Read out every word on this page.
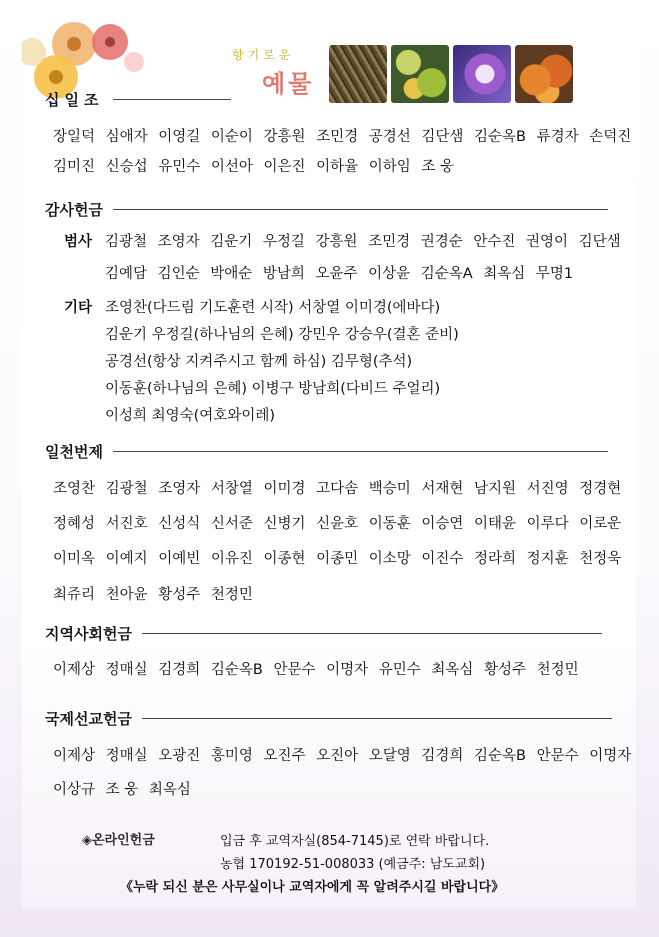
향기로운
예물
십일조
장일덕 심애자 이영길 이순이 강흥원 조민경 공경선 김단샘 김순옥B 류경자 손덕진
김미진 신승섭 유민수 이선아 이은진 이하율 이하임 조 웅
감사헌금
범사 김광철 조영자 김운기 우정길 강흥원 조민경 권경순 안수진 권영이 김단샘
김예담 김인순 박애순 방남희 오윤주 이상윤 김순옥A 최옥심 무명1
기타 조영찬(다드림 기도훈련 시작) 서창열 이미경(에바다)
김운기 우정길(하나님의 은혜) 강민우 강승우(결혼 준비)
공경선(항상 지켜주시고 함께 하심) 김무형(추석)
이동훈(하나님의 은혜) 이병구 방남희(다비드 주얼리)
이성희 최영숙(여호와이레)
일천번제
조영찬 김광철 조영자 서창열 이미경 고다솜 백승미 서재현 남지원 서진영 정경현
정혜성 서진호 신성식 신서준 신병기 신윤호 이동훈 이승연 이태윤 이루다 이로운
이미옥 이예지 이예빈 이유진 이종현 이종민 이소망 이진수 정라희 정지훈 천정욱
최쥬리 천아윤 황성주 천정민
지역사회헌금
이제상 정매실 김경희 김순옥B 안문수 이명자 유민수 최옥심 황성주 천정민
국제선교헌금
이제상 정매실 오광진 홍미영 오진주 오진아 오달영 김경희 김순옥B 안문수 이명자
이상규 조 웅 최옥심
◈온라인헌금	입금 후 교역자실(854-7145)로 연락 바랍니다.
농협 170192-51-008033 (예금주: 남도교회)
《누락 되신 분은 사무실이나 교역자에게 꼭 알려주시길 바랍니다》
